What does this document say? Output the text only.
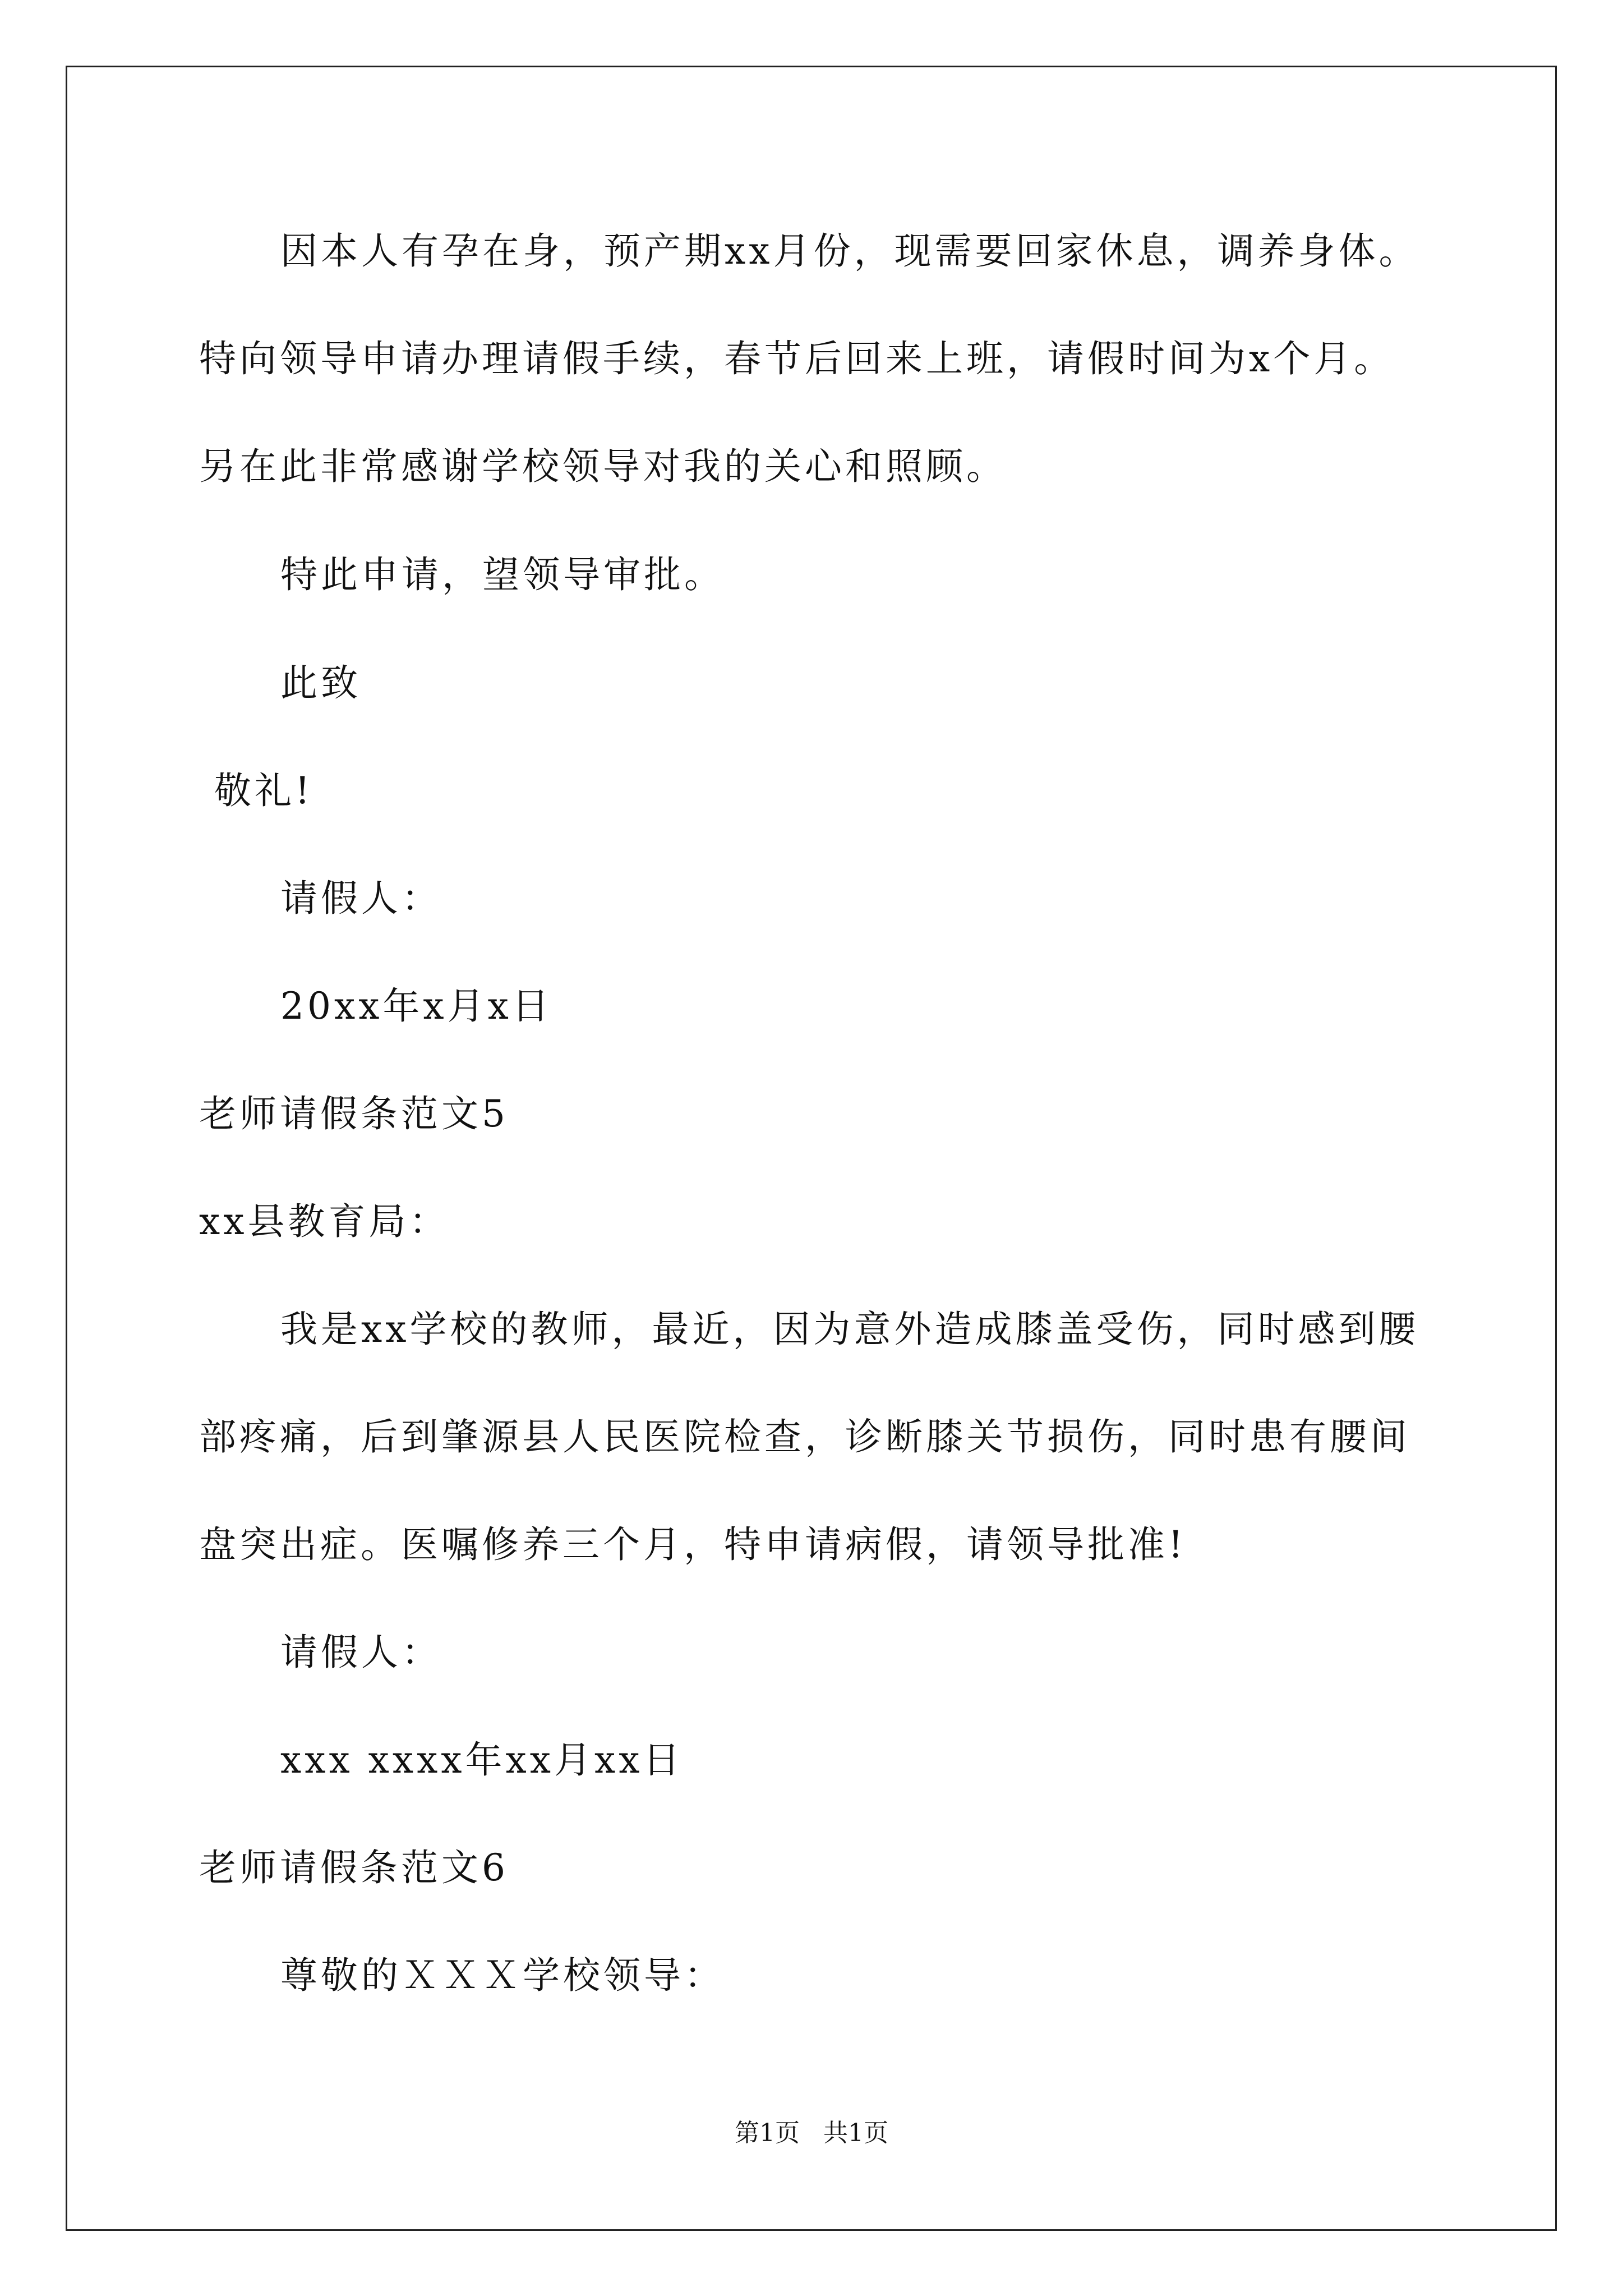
因本人有孕在身，预产期xx月份，现需要回家休息，调养身体。
特向领导申请办理请假手续，春节后回来上班，请假时间为x个月。
另在此非常感谢学校领导对我的关心和照顾。
特此申请，望领导审批。
此致
敬礼!
请假人：
20xx年x月x日
老师请假条范文5
xx县教育局：
我是xx学校的教师，最近，因为意外造成膝盖受伤，同时感到腰
部疼痛，后到肇源县人民医院检查，诊断膝关节损伤，同时患有腰间
盘突出症。医嘱修养三个月，特申请病假，请领导批准!
请假人：
xxx xxxx年xx月xx日
老师请假条范文6
尊敬的ＸＸＸ学校领导：
第1页   共1页
